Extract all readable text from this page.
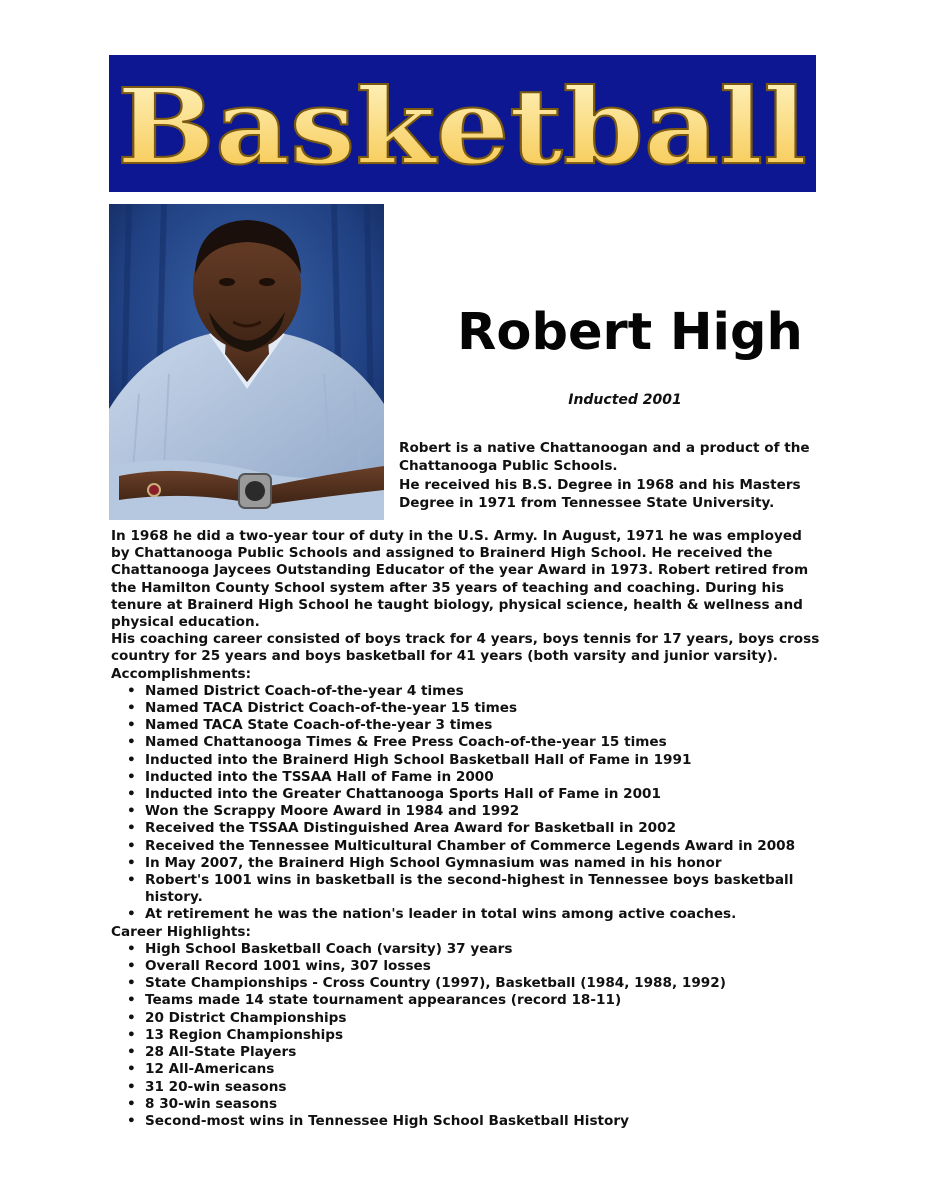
Basketball
Robert High

Inducted 2001

Robert is a native Chattanoogan and a product of the Chattanooga Public Schools.

He received his B.S. Degree in 1968 and his Masters Degree in 1971 from Tennessee State University.

In 1968 he did a two-year tour of duty in the U.S. Army. In August, 1971 he was employed by Chattanooga Public Schools and assigned to Brainerd High School. He received the Chattanooga Jaycees Outstanding Educator of the year Award in 1973. Robert retired from the Hamilton County School system after 35 years of teaching and coaching. During his tenure at Brainerd High School he taught biology, physical science, health & wellness and physical education.

His coaching career consisted of boys track for 4 years, boys tennis for 17 years, boys cross country for 25 years and boys basketball for 41 years (both varsity and junior varsity).

Accomplishments:

• Named District Coach-of-the-year 4 times
• Named TACA District Coach-of-the-year 15 times
• Named TACA State Coach-of-the-year 3 times
• Named Chattanooga Times & Free Press Coach-of-the-year 15 times
• Inducted into the Brainerd High School Basketball Hall of Fame in 1991
• Inducted into the TSSAA Hall of Fame in 2000
• Inducted into the Greater Chattanooga Sports Hall of Fame in 2001
• Won the Scrappy Moore Award in 1984 and 1992
• Received the TSSAA Distinguished Area Award for Basketball in 2002
• Received the Tennessee Multicultural Chamber of Commerce Legends Award in 2008
• In May 2007, the Brainerd High School Gymnasium was named in his honor
• Robert's 1001 wins in basketball is the second-highest in Tennessee boys basketball history.
• At retirement he was the nation's leader in total wins among active coaches.

Career Highlights:

• High School Basketball Coach (varsity) 37 years
• Overall Record 1001 wins, 307 losses
• State Championships - Cross Country (1997), Basketball (1984, 1988, 1992)
• Teams made 14 state tournament appearances (record 18-11)
• 20 District Championships
• 13 Region Championships
• 28 All-State Players
• 12 All-Americans
• 31 20-win seasons
• 8 30-win seasons
• Second-most wins in Tennessee High School Basketball History
